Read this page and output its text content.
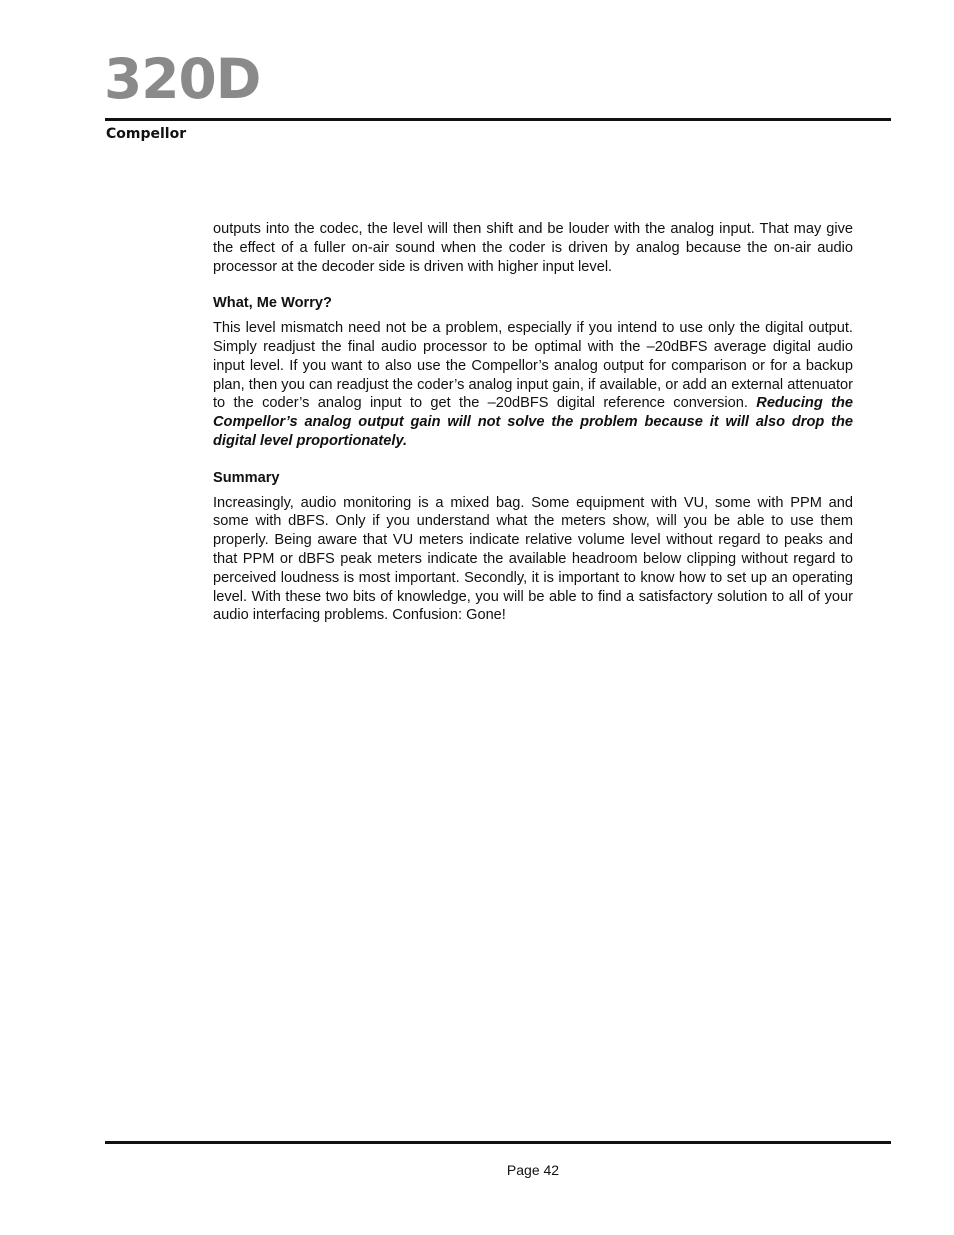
320D
Compellor

outputs into the codec, the level will then shift and be louder with the analog input. That may give the effect of a fuller on-air sound when the coder is driven by analog because the on-air audio processor at the decoder side is driven with higher input level.

What, Me Worry?

This level mismatch need not be a problem, especially if you intend to use only the digital output. Simply readjust the final audio processor to be optimal with the –20dBFS average digital audio input level. If you want to also use the Compellor’s analog output for comparison or for a backup plan, then you can readjust the coder’s analog input gain, if available, or add an external attenuator to the coder’s analog input to get the –20dBFS digital reference conversion. Reducing the Compellor’s analog output gain will not solve the problem because it will also drop the digital level proportionately.

Summary

Increasingly, audio monitoring is a mixed bag. Some equipment with VU, some with PPM and some with dBFS. Only if you understand what the meters show, will you be able to use them properly. Being aware that VU meters indicate relative volume level without regard to peaks and that PPM or dBFS peak meters indicate the available headroom below clipping without regard to perceived loudness is most important. Secondly, it is important to know how to set up an operating level. With these two bits of knowledge, you will be able to find a satisfactory solution to all of your audio interfacing problems. Confusion: Gone!

Page 42
